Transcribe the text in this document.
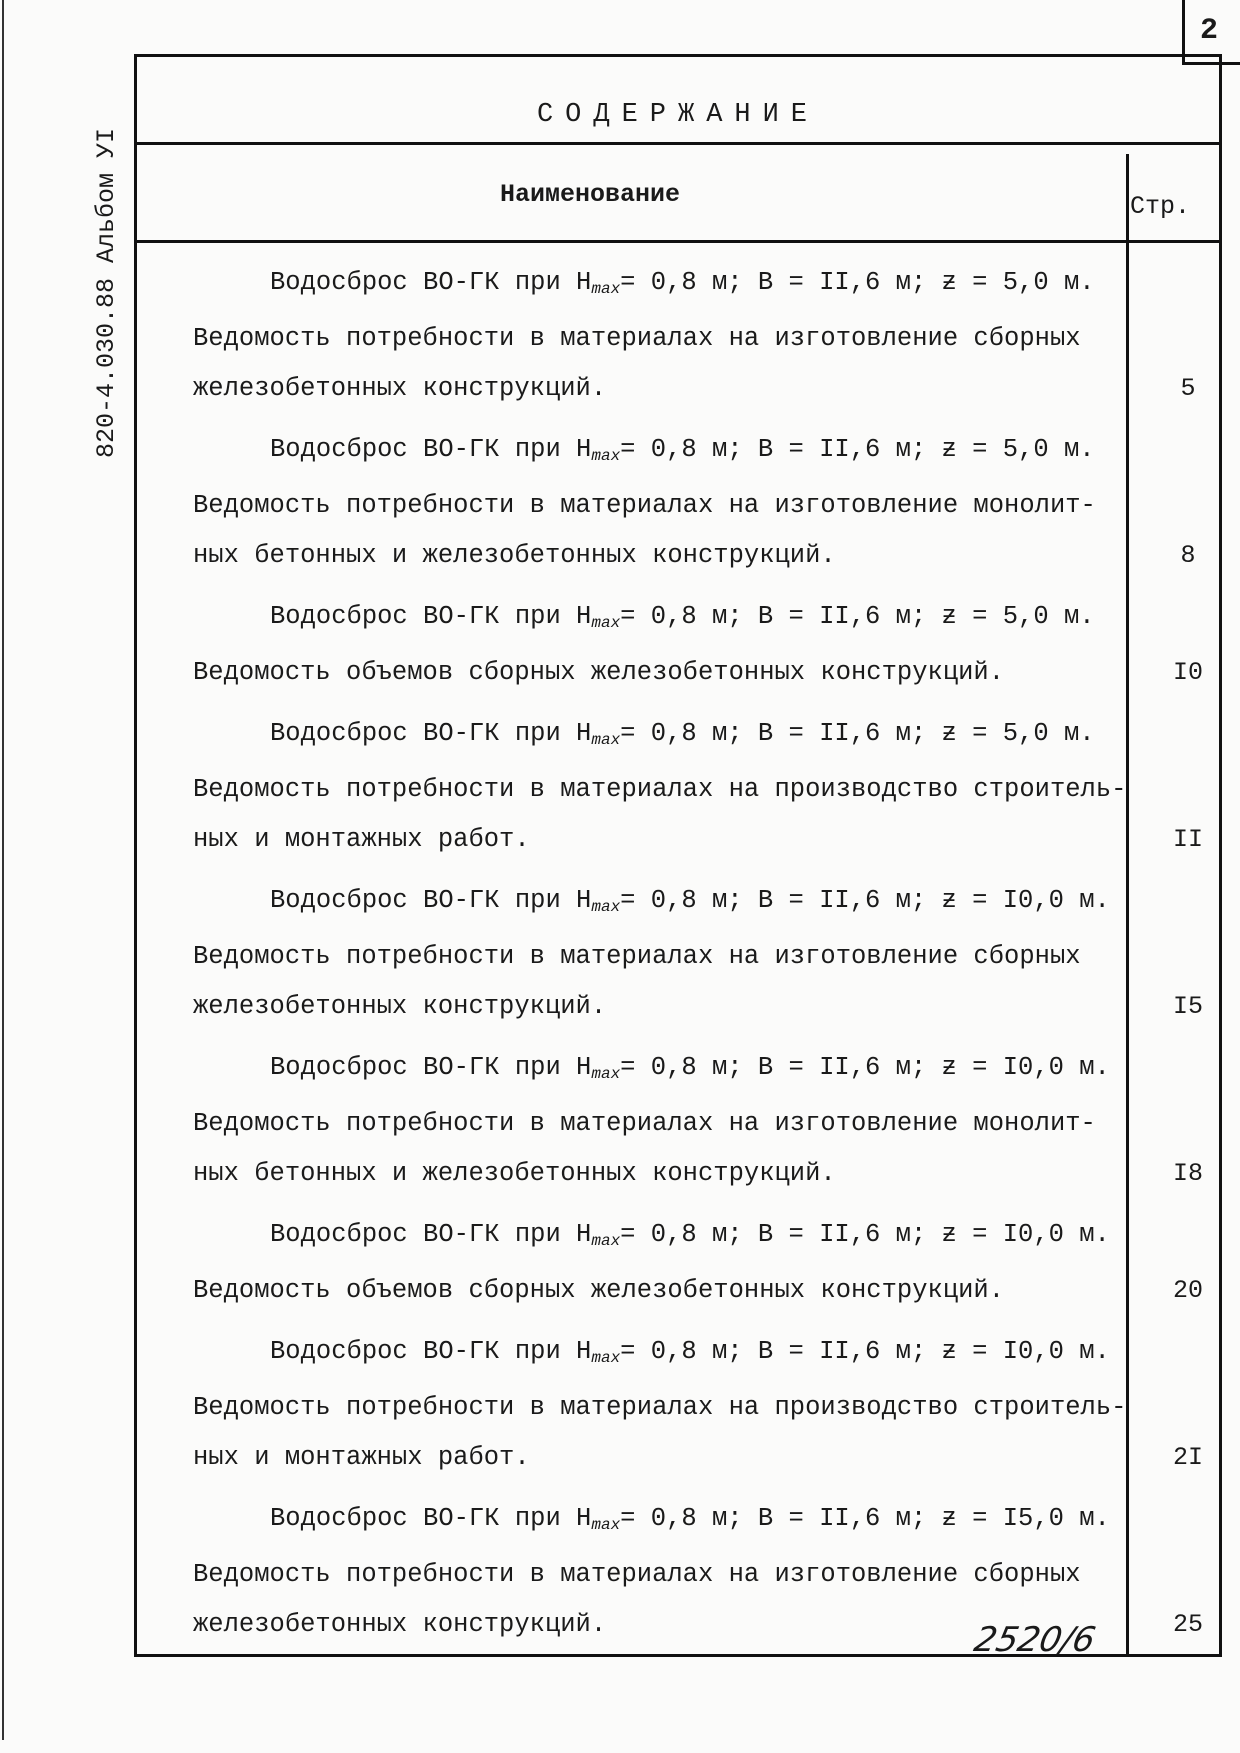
2
820-4.030.88 Альбом УI
СОДЕРЖАНИЕ
Наименование	Стр.
Водосброс ВО-ГК при $H_{max}= 0,8$ м; B = II,6 м; ƶ = 5,0 м.
Ведомость потребности в материалах на изготовление сборных
железобетонных конструкций.	5
Водосброс ВО-ГК при $H_{max}= 0,8$ м; B = II,6 м; ƶ = 5,0 м.
Ведомость потребности в материалах на изготовление монолит-
ных бетонных и железобетонных конструкций.	8
Водосброс ВО-ГК при $H_{max}= 0,8$ м; B = II,6 м; ƶ = 5,0 м.
Ведомость объемов сборных железобетонных конструкций.	I0
Водосброс ВО-ГК при $H_{max}= 0,8$ м; B = II,6 м; ƶ = 5,0 м.
Ведомость потребности в материалах на производство строитель-
ных и монтажных работ.	II
Водосброс ВО-ГК при $H_{max}= 0,8$ м; B = II,6 м; ƶ = I0,0 м.
Ведомость потребности в материалах на изготовление сборных
железобетонных конструкций.	I5
Водосброс ВО-ГК при $H_{max}= 0,8$ м; B = II,6 м; ƶ = I0,0 м.
Ведомость потребности в материалах на изготовление монолит-
ных бетонных и железобетонных конструкций.	I8
Водосброс ВО-ГК при $H_{max}= 0,8$ м; B = II,6 м; ƶ = I0,0 м.
Ведомость объемов сборных железобетонных конструкций.	20
Водосброс ВО-ГК при $H_{max}= 0,8$ м; B = II,6 м; ƶ = I0,0 м.
Ведомость потребности в материалах на производство строитель-
ных и монтажных работ.	2I
Водосброс ВО-ГК при $H_{max}= 0,8$ м; B = II,6 м; ƶ = I5,0 м.
Ведомость потребности в материалах на изготовление сборных
железобетонных конструкций.	25
2520/6
